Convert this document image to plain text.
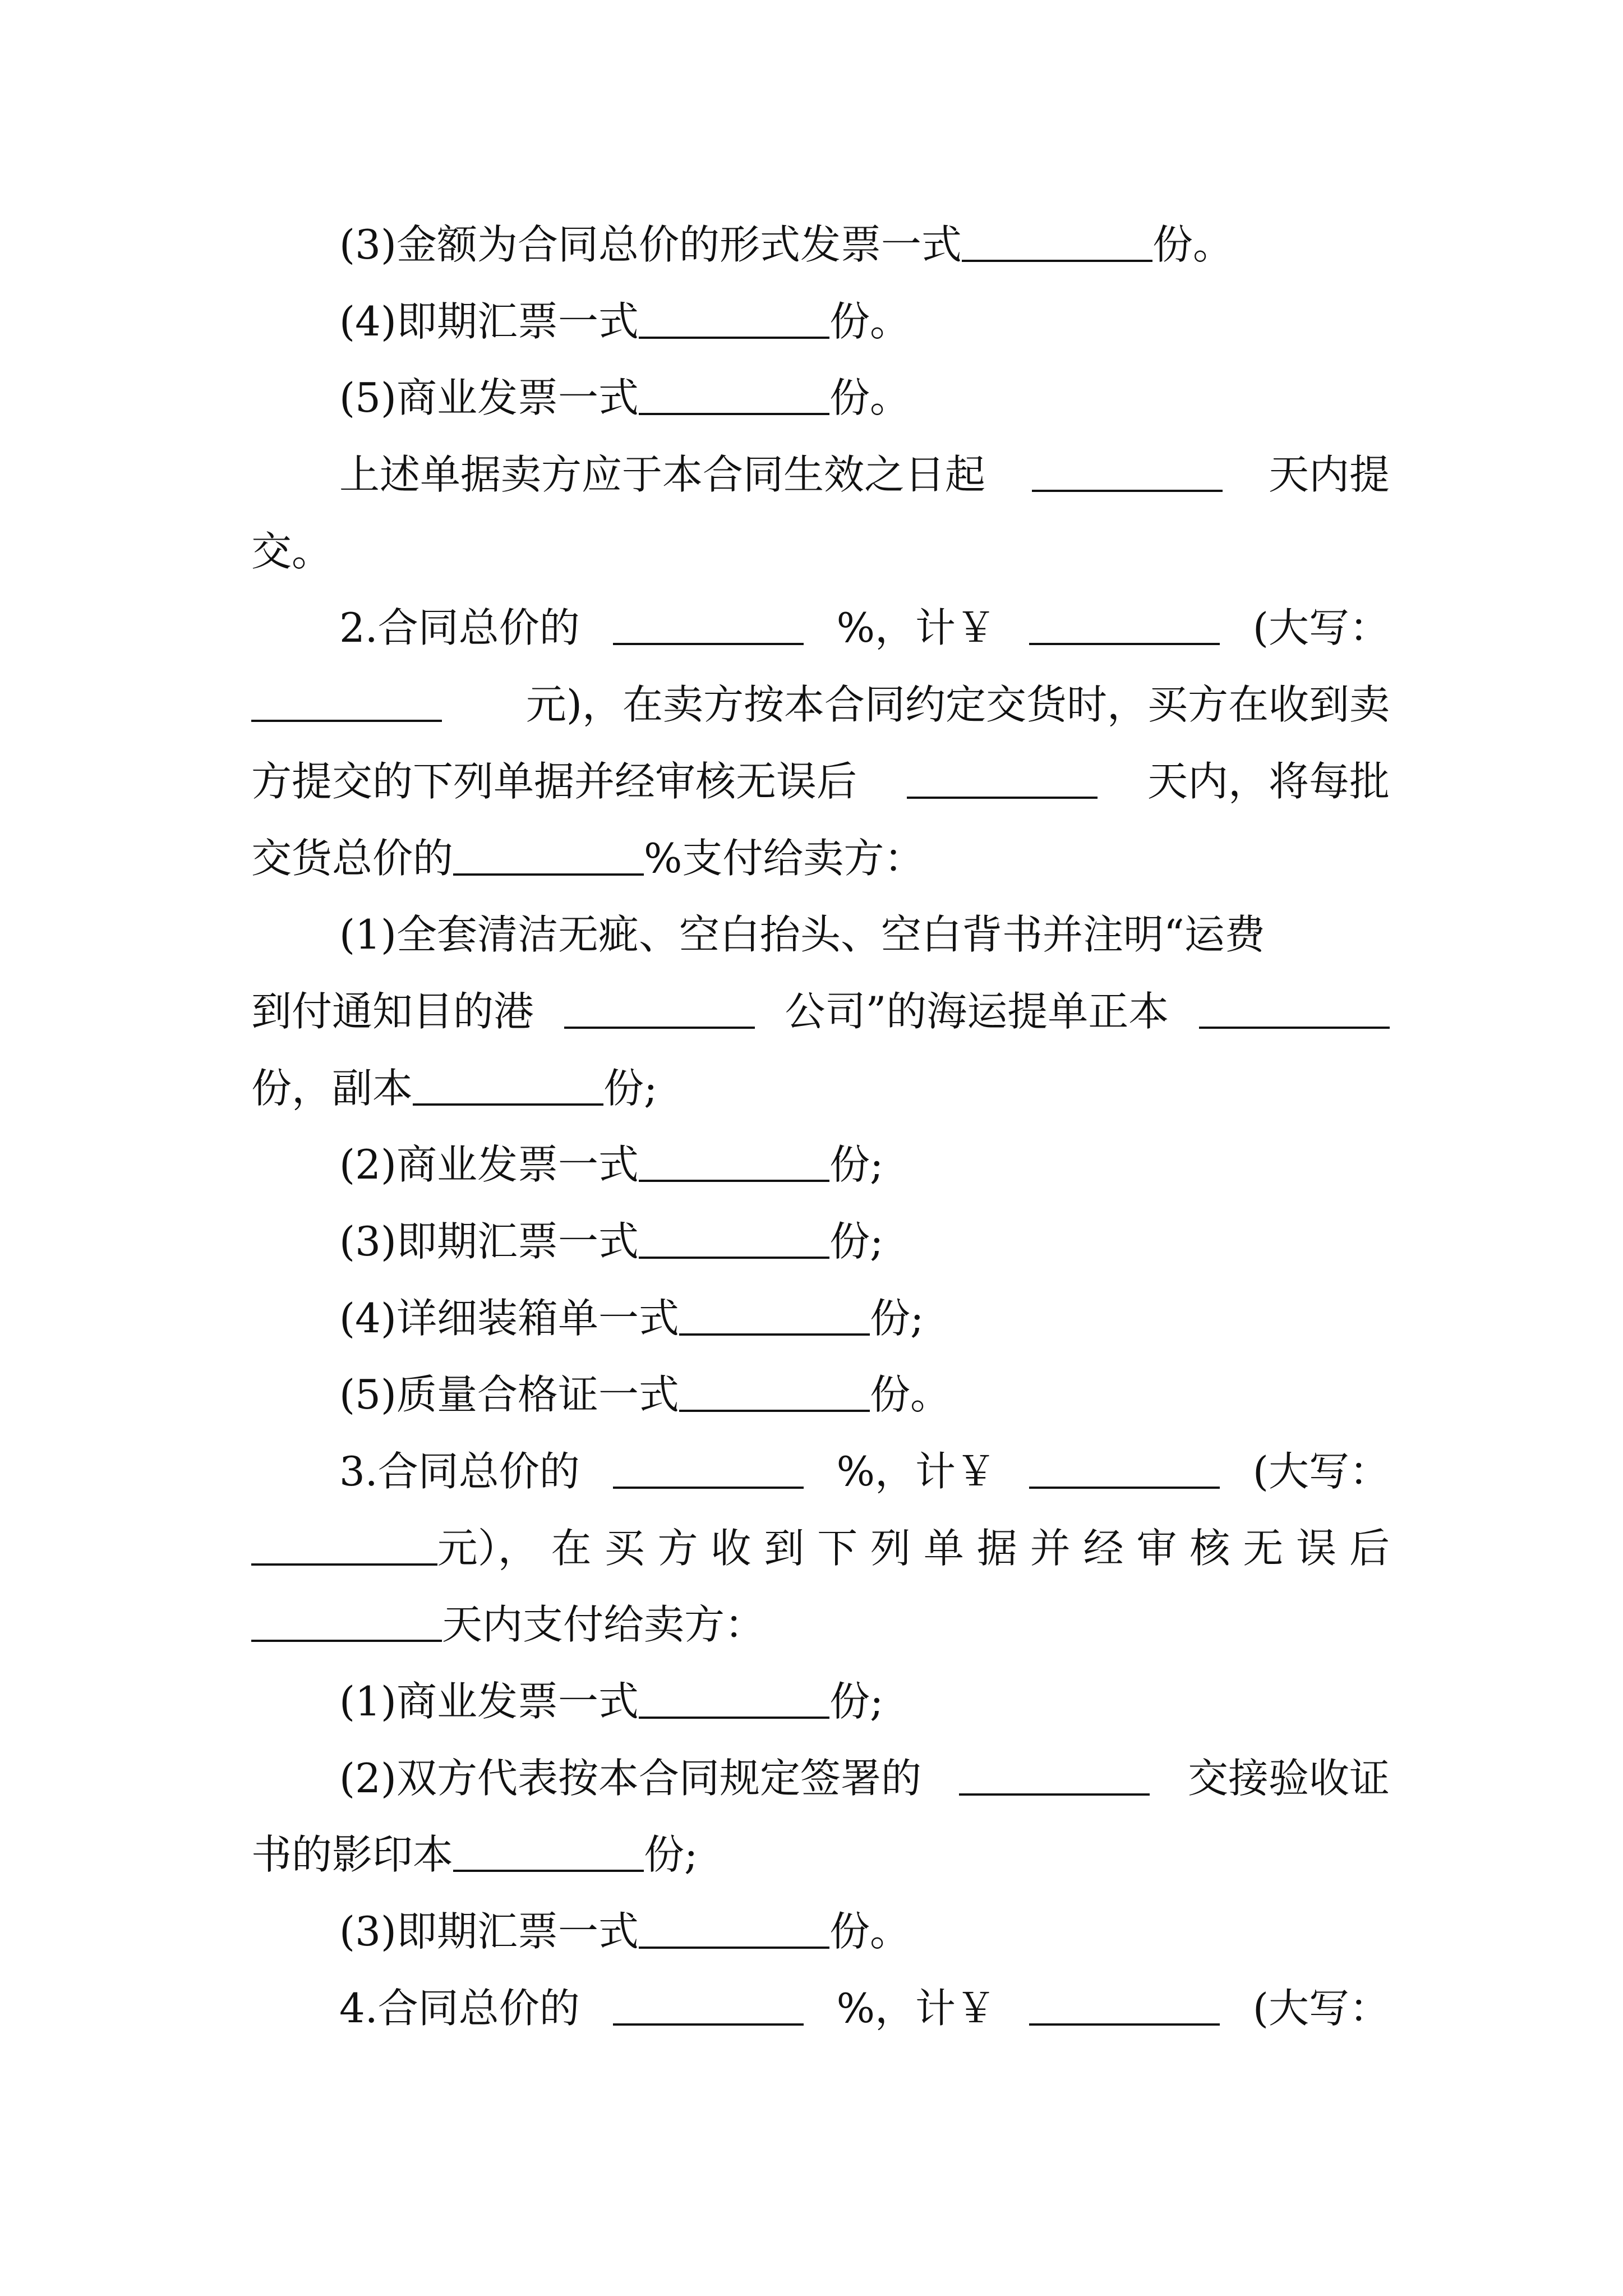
(3)金额为合同总价的形式发票一式	份。
(4)即期汇票一式	份。
(5)商业发票一式	份。
上述单据卖方应于本合同生效之日起	天内提
交。
2.合同总价的	%，计￥	(大写：
元)，在卖方按本合同约定交货时，买方在收到卖
方提交的下列单据并经审核无误后	天内，将每批
交货总价的	%支付给卖方：
(1)全套清洁无疵、空白抬头、空白背书并注明“运费
到付通知目的港	公司”的海运提单正本
份，副本	份;
(2)商业发票一式	份;
(3)即期汇票一式	份;
(4)详细装箱单一式	份;
(5)质量合格证一式	份。
3.合同总价的	%，计￥	(大写：
元）， 在 买 方 收 到 下 列 单 据 并 经 审 核 无 误 后
天内支付给卖方：
(1)商业发票一式	份;
(2)双方代表按本合同规定签署的	交接验收证
书的影印本	份;
(3)即期汇票一式	份。
4.合同总价的	%，计￥	(大写：
